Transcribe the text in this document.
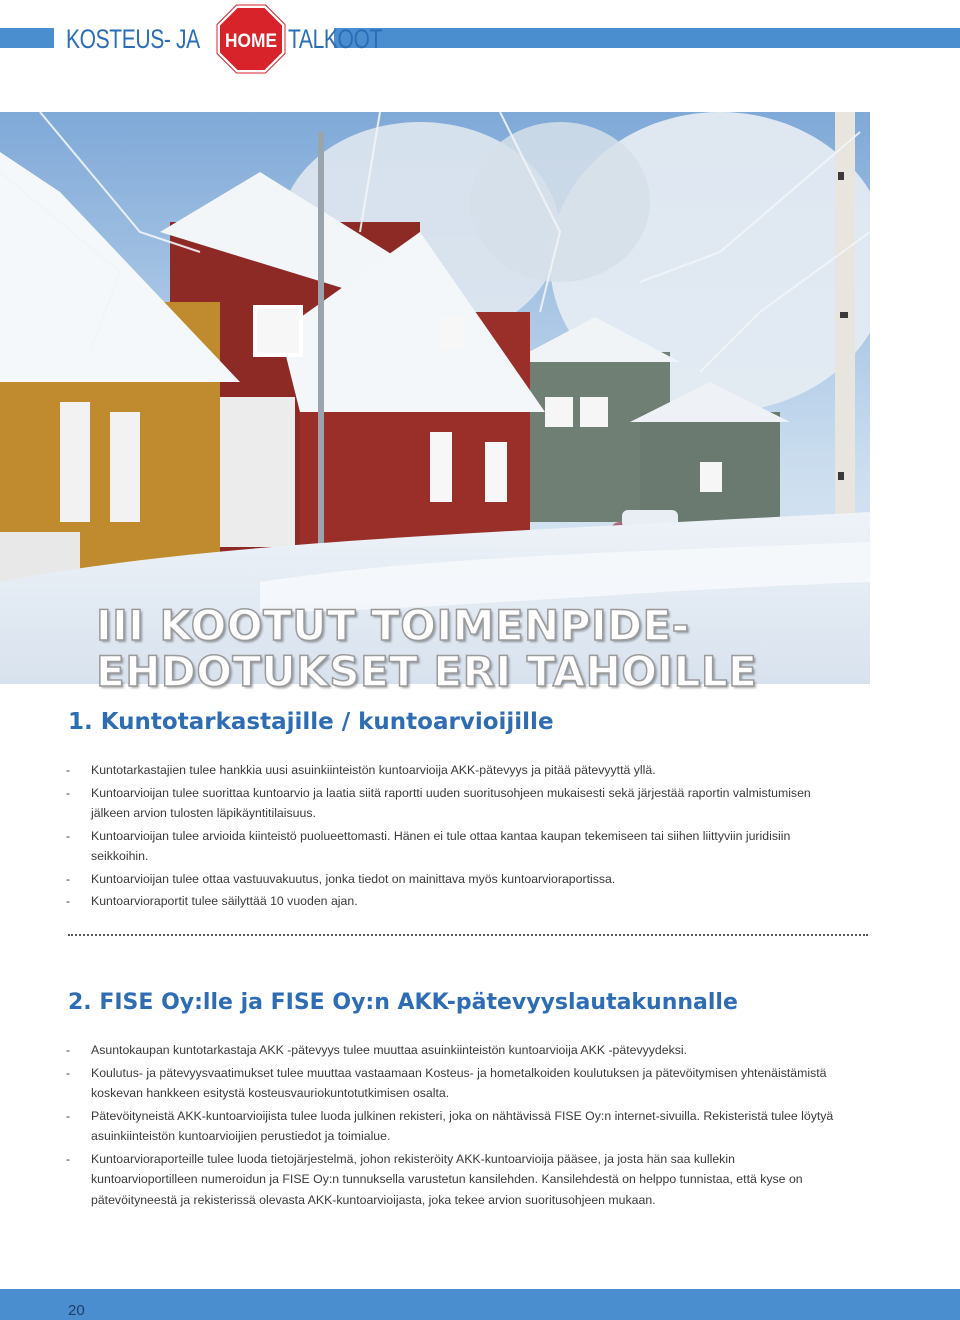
KOSTEUS- JA HOME TALKOOT
III KOOTUT TOIMENPIDE-
EHDOTUKSET ERI TAHOILLE
1. Kuntotarkastajille / kuntoarvioijille
- Kuntotarkastajien tulee hankkia uusi asuinkiinteistön kuntoarvioija AKK-pätevyys ja pitää pätevyyttä yllä.
- Kuntoarvioijan tulee suorittaa kuntoarvio ja laatia siitä raportti uuden suoritusohjeen mukaisesti sekä järjestää raportin valmistumisen jälkeen arvion tulosten läpikäyntitilaisuus.
- Kuntoarvioijan tulee arvioida kiinteistö puolueettomasti. Hänen ei tule ottaa kantaa kaupan tekemiseen tai siihen liittyviin juridisiin seikkoihin.
- Kuntoarvioijan tulee ottaa vastuuvakuutus, jonka tiedot on mainittava myös kuntoarvioraportissa.
- Kuntoarvioraportit tulee säilyttää 10 vuoden ajan.
2. FISE Oy:lle ja FISE Oy:n AKK-pätevyyslautakunnalle
- Asuntokaupan kuntotarkastaja AKK -pätevyys tulee muuttaa asuinkiinteistön kuntoarvioija AKK -pätevyydeksi.
- Koulutus- ja pätevyysvaatimukset tulee muuttaa vastaamaan Kosteus- ja hometalkoiden koulutuksen ja pätevöitymisen yhtenäistämistä koskevan hankkeen esitystä kosteusvauriokuntotutkimisen osalta.
- Pätevöityneistä AKK-kuntoarvioijista tulee luoda julkinen rekisteri, joka on nähtävissä FISE Oy:n internet-sivuilla. Rekisteristä tulee löytyä asuinkiinteistön kuntoarvioijien perustiedot ja toimialue.
- Kuntoarvioraporteille tulee luoda tietojärjestelmä, johon rekisteröity AKK-kuntoarvioija pääsee, ja josta hän saa kullekin kuntoarvioportilleen numeroidun ja FISE Oy:n tunnuksella varustetun kansilehden. Kansilehdestä on helppo tunnistaa, että kyse on pätevöityneestä ja rekisterissä olevasta AKK-kuntoarvioijasta, joka tekee arvion suoritusohjeen mukaan.
20
